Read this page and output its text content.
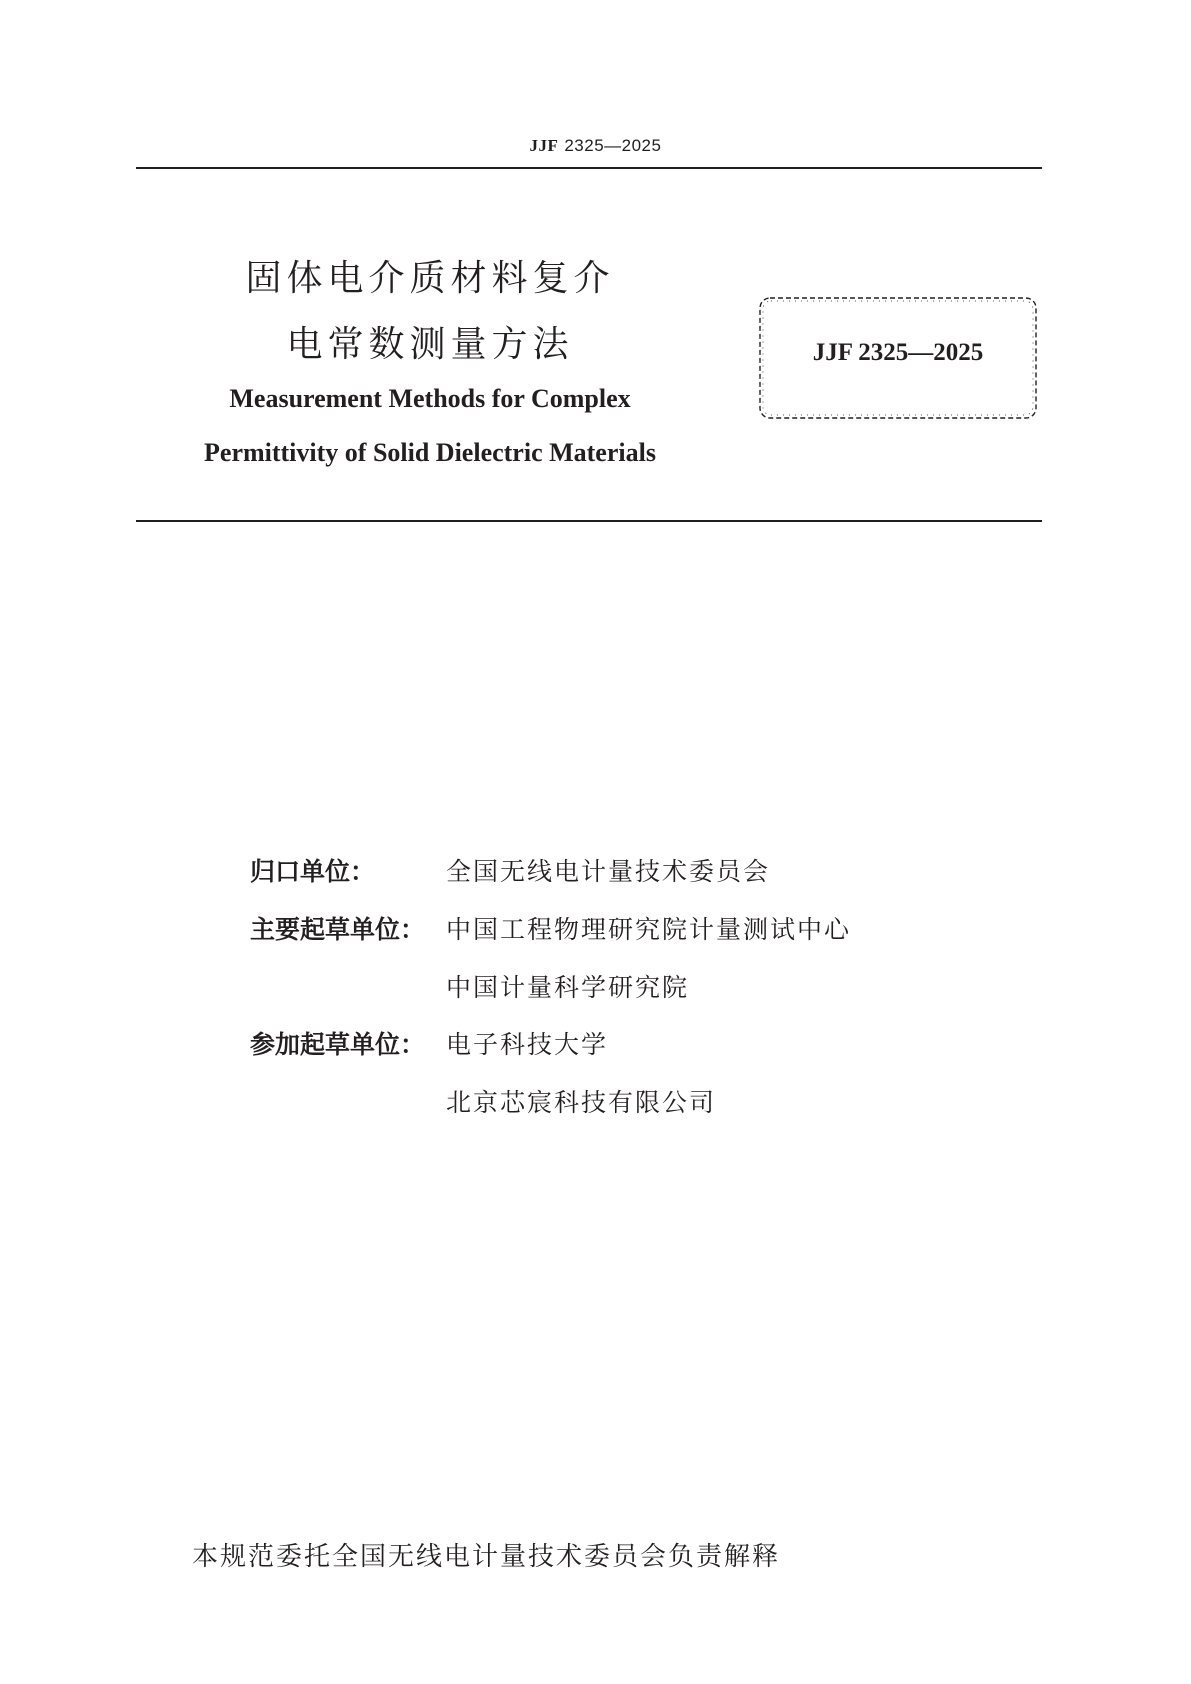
JJF 2325—2025
固体电介质材料复介
电常数测量方法
Measurement Methods for Complex
Permittivity of Solid Dielectric Materials
JJF 2325—2025
归口单位：	全国无线电计量技术委员会
主要起草单位： 中国工程物理研究院计量测试中心
中国计量科学研究院
参加起草单位： 电子科技大学
北京芯宸科技有限公司
本规范委托全国无线电计量技术委员会负责解释
